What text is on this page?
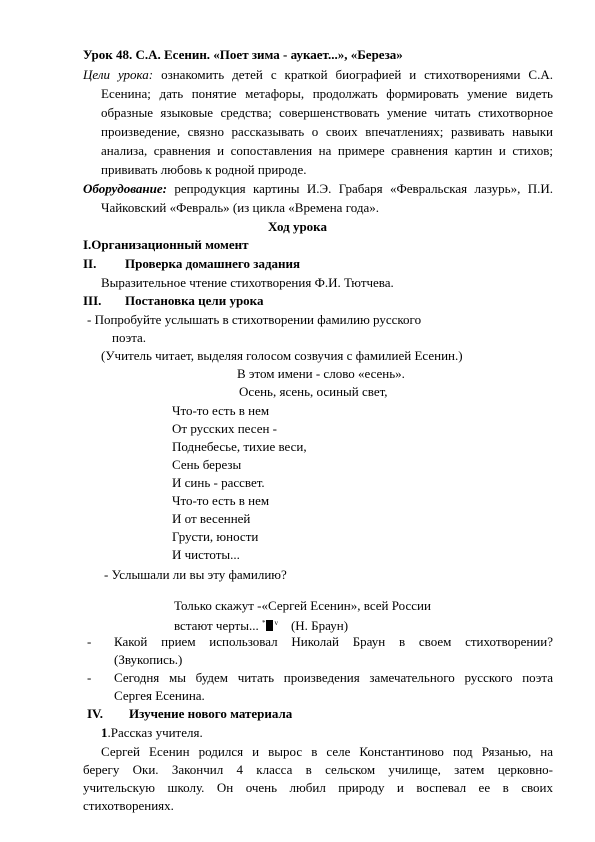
Урок 48. С.А. Есенин. «Поет зима - аукает...», «Береза»
Цели урока: ознакомить детей с краткой биографией и стихотворениями С.А.
Есенина; дать понятие метафоры, продолжать формировать умение видеть
образные языковые средства; совершенствовать умение читать стихотворное
произведение, связно рассказывать о своих впечатлениях; развивать навыки
анализа, сравнения и сопоставления на примере сравнения картин и стихов;
прививать любовь к родной природе.
Оборудование: репродукция картины И.Э. Грабаря «Февральская лазурь», П.И.
Чайковский «Февраль» (из цикла «Времена года».
Ход урока
I.Организационный момент
II. Проверка домашнего задания
Выразительное чтение стихотворения Ф.И. Тютчева.
III. Постановка цели урока
- Попробуйте услышать в стихотворении фамилию русского
поэта.
(Учитель читает, выделяя голосом созвучия с фамилией Есенин.)
В этом имени - слово «есень».
Осень, ясень, осиный свет,
Что-то есть в нем
От русских песен -
Поднебесье, тихие веси,
Сень березы
И синь - рассвет.
Что-то есть в нем
И от весенней
Грусти, юности
И чистоты...
- Услышали ли вы эту фамилию?
Только скажут -«Сергей Есенин», всей России
встают черты... * $^v$ (Н. Браун)
- Какой прием использовал Николай Браун в своем стихотворении?
(Звукопись.)
- Сегодня мы будем читать произведения замечательного русского поэта
Сергея Есенина.
IV. Изучение нового материала
1.Рассказ учителя.
Сергей Есенин родился и вырос в селе Константиново под Рязанью, на
берегу Оки. Закончил 4 класса в сельском училище, затем церковно-
учительскую школу. Он очень любил природу и воспевал ее в своих
стихотворениях.
